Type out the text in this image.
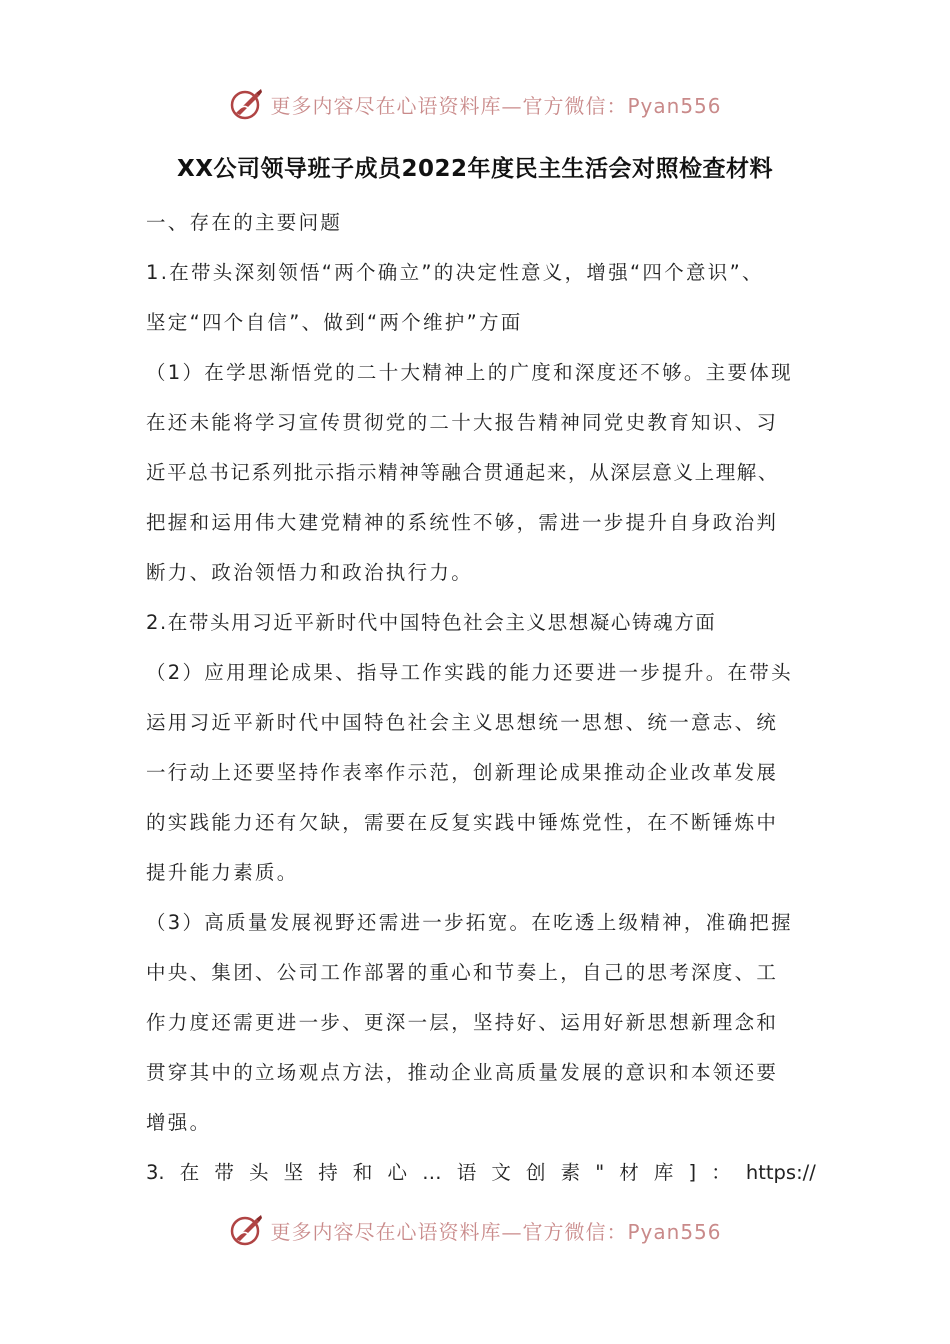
更多内容尽在心语资料库—官方微信：Pyan556
XX公司领导班子成员2022年度民主生活会对照检查材料
一、存在的主要问题
1.在带头深刻领悟“两个确立”的决定性意义，增强“四个意识”、
坚定“四个自信”、做到“两个维护”方面
（1）在学思渐悟党的二十大精神上的广度和深度还不够。主要体现
在还未能将学习宣传贯彻党的二十大报告精神同党史教育知识、习
近平总书记系列批示指示精神等融合贯通起来，从深层意义上理解、
把握和运用伟大建党精神的系统性不够，需进一步提升自身政治判
断力、政治领悟力和政治执行力。
2.在带头用习近平新时代中国特色社会主义思想凝心铸魂方面
（2）应用理论成果、指导工作实践的能力还要进一步提升。在带头
运用习近平新时代中国特色社会主义思想统一思想、统一意志、统
一行动上还要坚持作表率作示范，创新理论成果推动企业改革发展
的实践能力还有欠缺，需要在反复实践中锤炼党性，在不断锤炼中
提升能力素质。
（3）高质量发展视野还需进一步拓宽。在吃透上级精神，准确把握
中央、集团、公司工作部署的重心和节奏上，自己的思考深度、工
作力度还需更进一步、更深一层，坚持好、运用好新思想新理念和
贯穿其中的立场观点方法，推动企业高质量发展的意识和本领还要
增强。
3. 在 带 头 坚 持 和 心 … 语 文 创 素 " 材 库 ] ： https://
更多内容尽在心语资料库—官方微信：Pyan556
